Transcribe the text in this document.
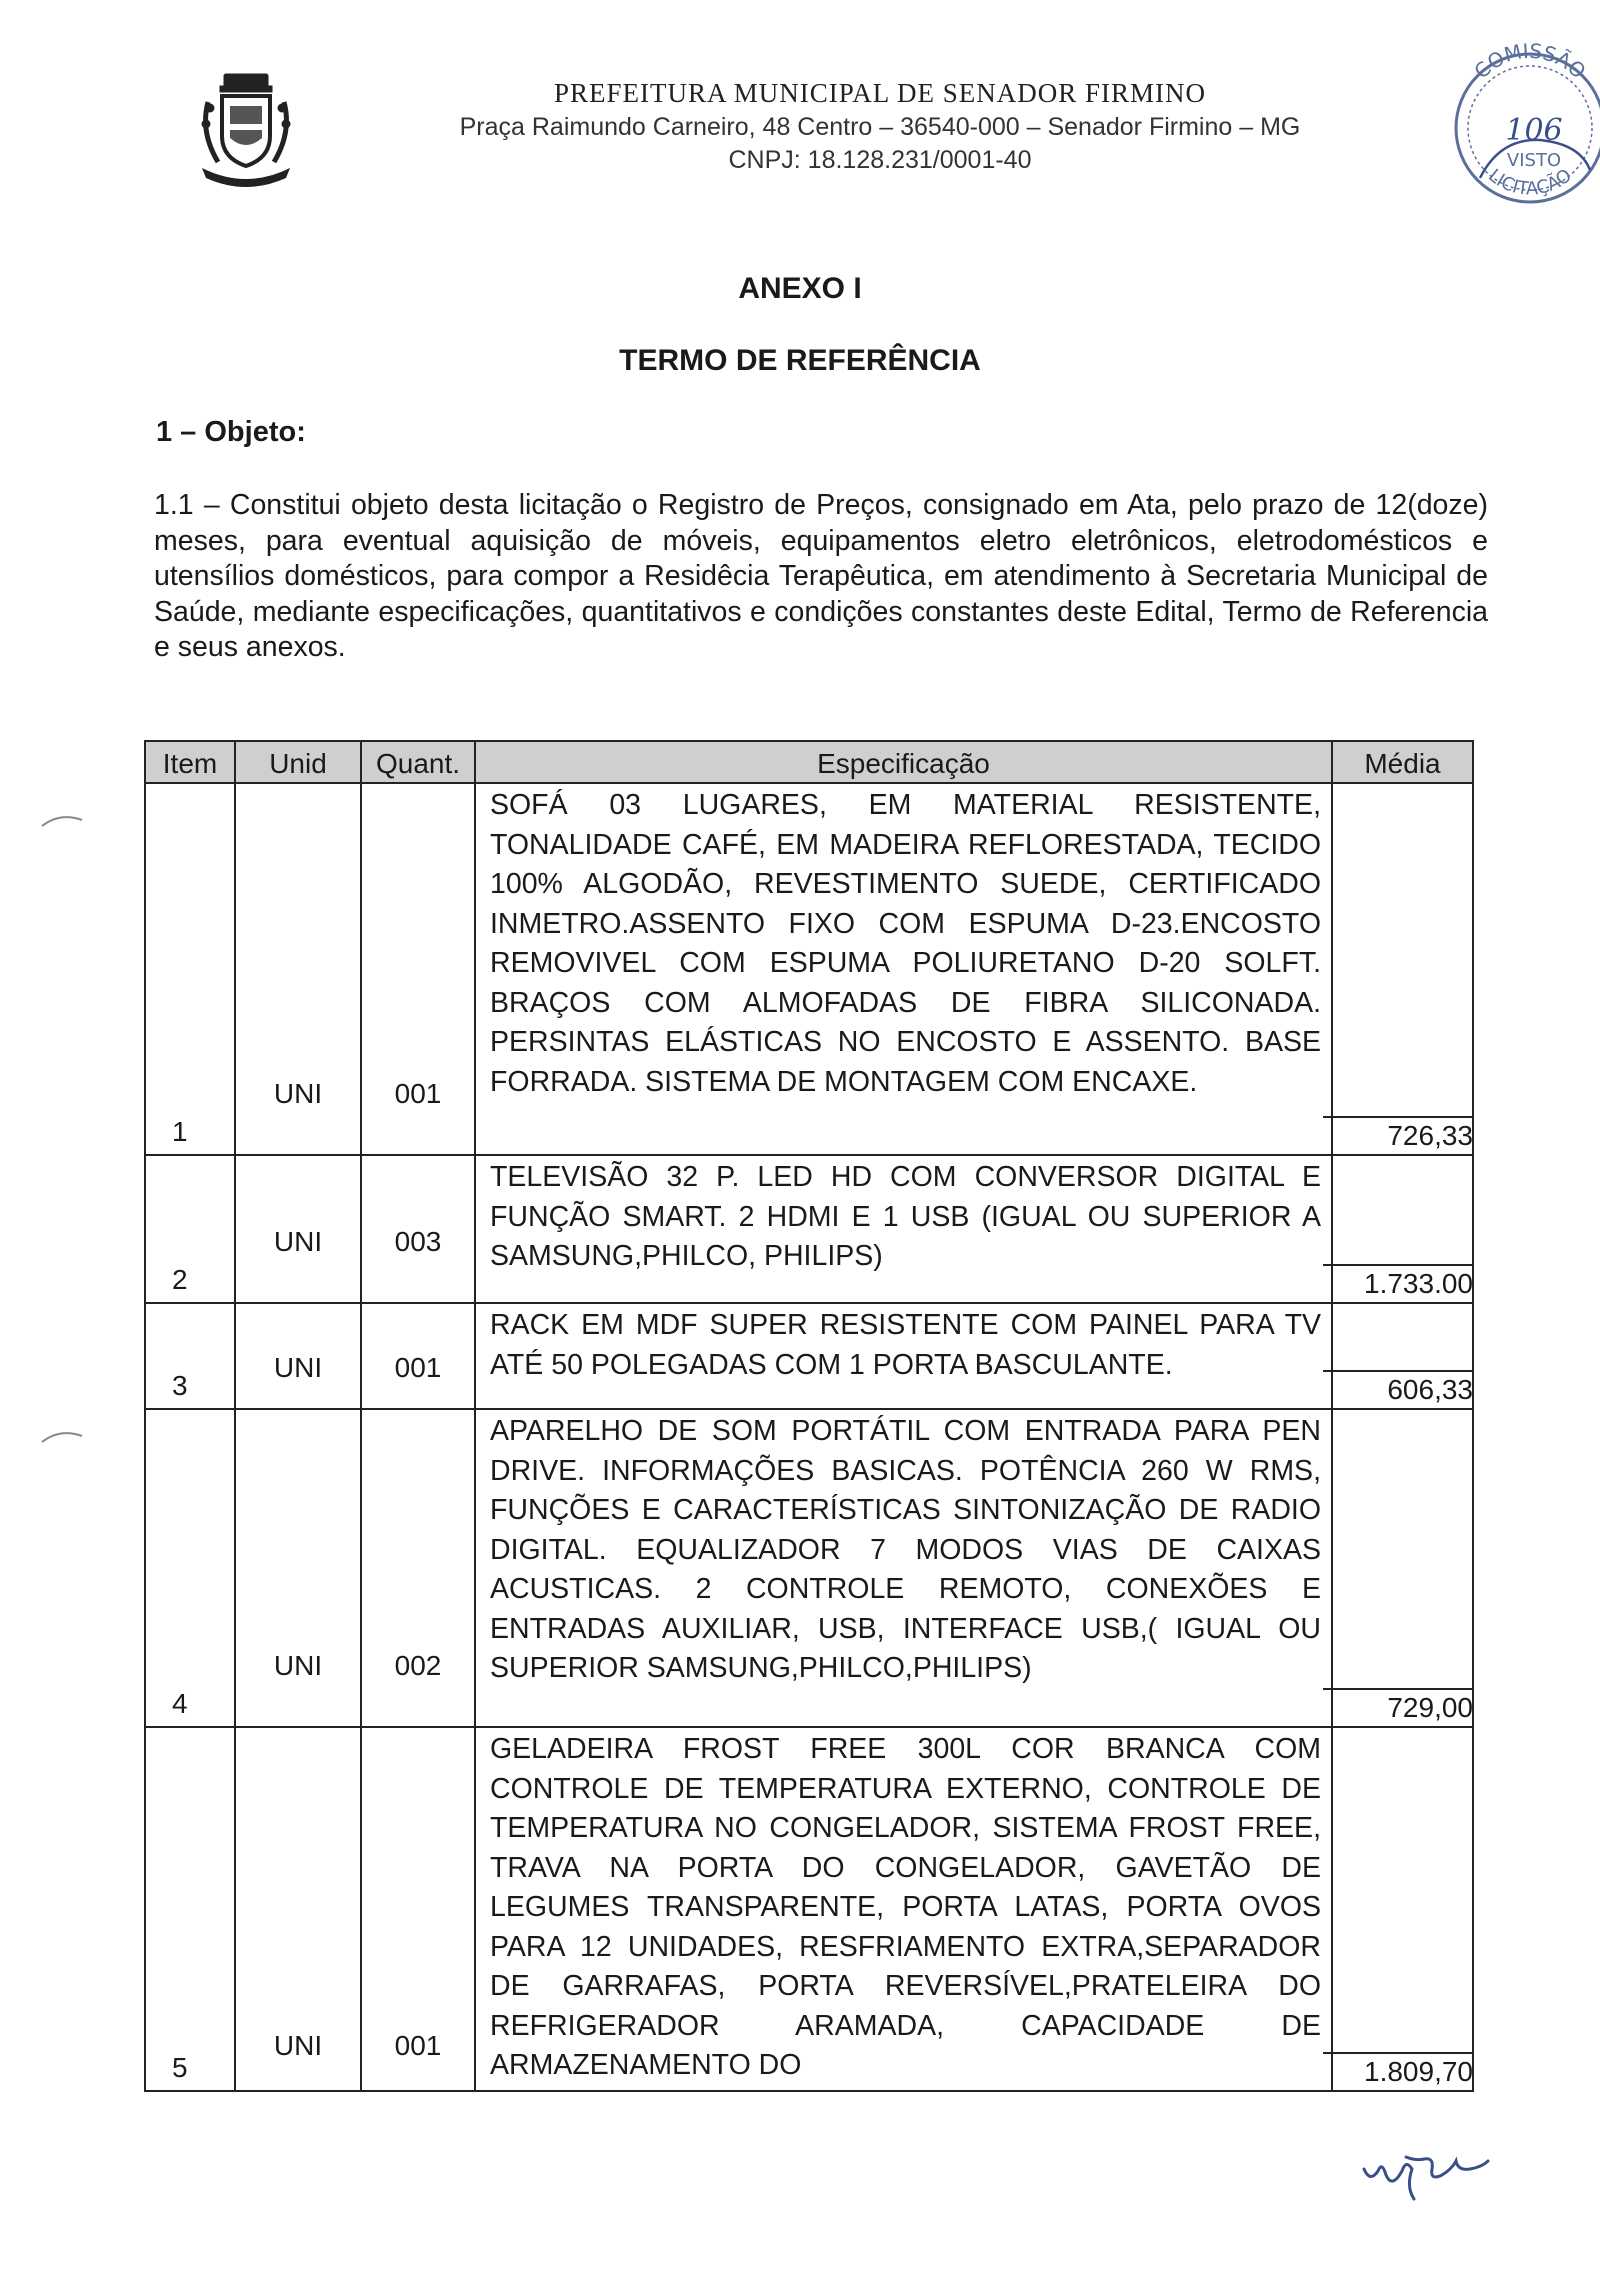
PREFEITURA MUNICIPAL DE SENADOR FIRMINO
Praça Raimundo Carneiro, 48 Centro – 36540-000 – Senador Firmino – MG
CNPJ: 18.128.231/0001-40
COMISSÃO
106
VISTO
LICITAÇÃO
ANEXO I
TERMO DE REFERÊNCIA
1 – Objeto:

1.1 – Constitui objeto desta licitação o Registro de Preços, consignado em Ata, pelo prazo de 12(doze) meses, para eventual aquisição de móveis, equipamentos eletro eletrônicos, eletrodomésticos e utensílios domésticos, para compor a Residêcia Terapêutica, em atendimento à Secretaria Municipal de Saúde, mediante especificações, quantitativos e condições constantes deste Edital, Termo de Referencia e seus anexos.

Item	Unid	Quant.	Especificação	Média
1	UNI	001	SOFÁ 03 LUGARES, EM MATERIAL RESISTENTE, TONALIDADE CAFÉ, EM MADEIRA REFLORESTADA, TECIDO 100% ALGODÃO, REVESTIMENTO SUEDE, CERTIFICADO INMETRO.ASSENTO FIXO COM ESPUMA D-23.ENCOSTO REMOVIVEL COM ESPUMA POLIURETANO D-20 SOLFT. BRAÇOS COM ALMOFADAS DE FIBRA SILICONADA. PERSINTAS ELÁSTICAS NO ENCOSTO E ASSENTO. BASE FORRADA. SISTEMA DE MONTAGEM COM ENCAXE.	726,33
2	UNI	003	TELEVISÃO 32 P. LED HD COM CONVERSOR DIGITAL E FUNÇÃO SMART. 2 HDMI E 1 USB (IGUAL OU SUPERIOR A SAMSUNG,PHILCO, PHILIPS)	1.733.00
3	UNI	001	RACK EM MDF SUPER RESISTENTE COM PAINEL PARA TV ATÉ 50 POLEGADAS COM 1 PORTA BASCULANTE.	606,33
4	UNI	002	APARELHO DE SOM PORTÁTIL COM ENTRADA PARA PEN DRIVE. INFORMAÇÕES BASICAS. POTÊNCIA 260 W RMS, FUNÇÕES E CARACTERÍSTICAS SINTONIZAÇÃO DE RADIO DIGITAL. EQUALIZADOR 7 MODOS VIAS DE CAIXAS ACUSTICAS. 2 CONTROLE REMOTO, CONEXÕES E ENTRADAS AUXILIAR, USB, INTERFACE USB,( IGUAL OU SUPERIOR SAMSUNG,PHILCO,PHILIPS)	729,00
5	UNI	001	GELADEIRA FROST FREE 300L COR BRANCA COM CONTROLE DE TEMPERATURA EXTERNO, CONTROLE DE TEMPERATURA NO CONGELADOR, SISTEMA FROST FREE, TRAVA NA PORTA DO CONGELADOR, GAVETÃO DE LEGUMES TRANSPARENTE, PORTA LATAS, PORTA OVOS PARA 12 UNIDADES, RESFRIAMENTO EXTRA,SEPARADOR DE GARRAFAS, PORTA REVERSÍVEL,PRATELEIRA DO REFRIGERADOR ARAMADA, CAPACIDADE DE ARMAZENAMENTO DO	1.809,70
